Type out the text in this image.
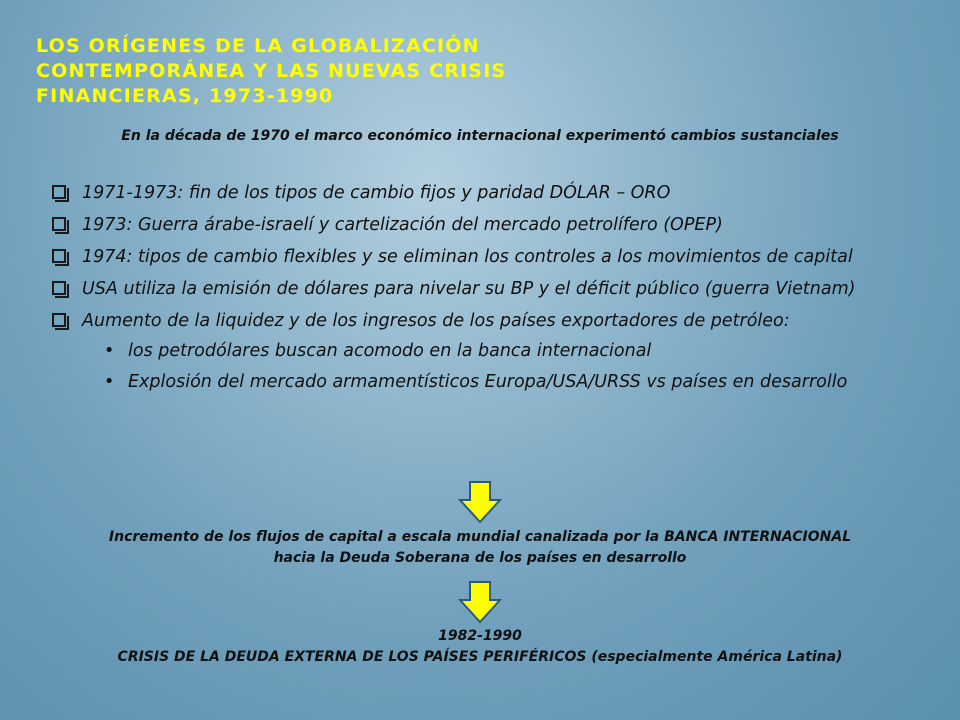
LOS ORÍGENES DE LA GLOBALIZACIÓN
CONTEMPORÁNEA Y LAS NUEVAS CRISIS
FINANCIERAS, 1973-1990
En la década de 1970 el marco económico internacional experimentó cambios sustanciales
1971-1973: fin de los tipos de cambio fijos y paridad DÓLAR – ORO
1973: Guerra árabe-israelí y cartelización del mercado petrolífero (OPEP)
1974: tipos de cambio flexibles y se eliminan los controles a los movimientos de capital
USA utiliza la emisión de dólares para nivelar su BP y el déficit público (guerra Vietnam)
Aumento de la liquidez y de los ingresos de los países exportadores de petróleo:
• los petrodólares buscan acomodo en la banca internacional
• Explosión del mercado armamentísticos Europa/USA/URSS vs países en desarrollo
Incremento de los flujos de capital a escala mundial canalizada por la BANCA INTERNACIONAL
hacia la Deuda Soberana de los países en desarrollo
1982-1990
CRISIS DE LA DEUDA EXTERNA DE LOS PAÍSES PERIFÉRICOS (especialmente América Latina)
